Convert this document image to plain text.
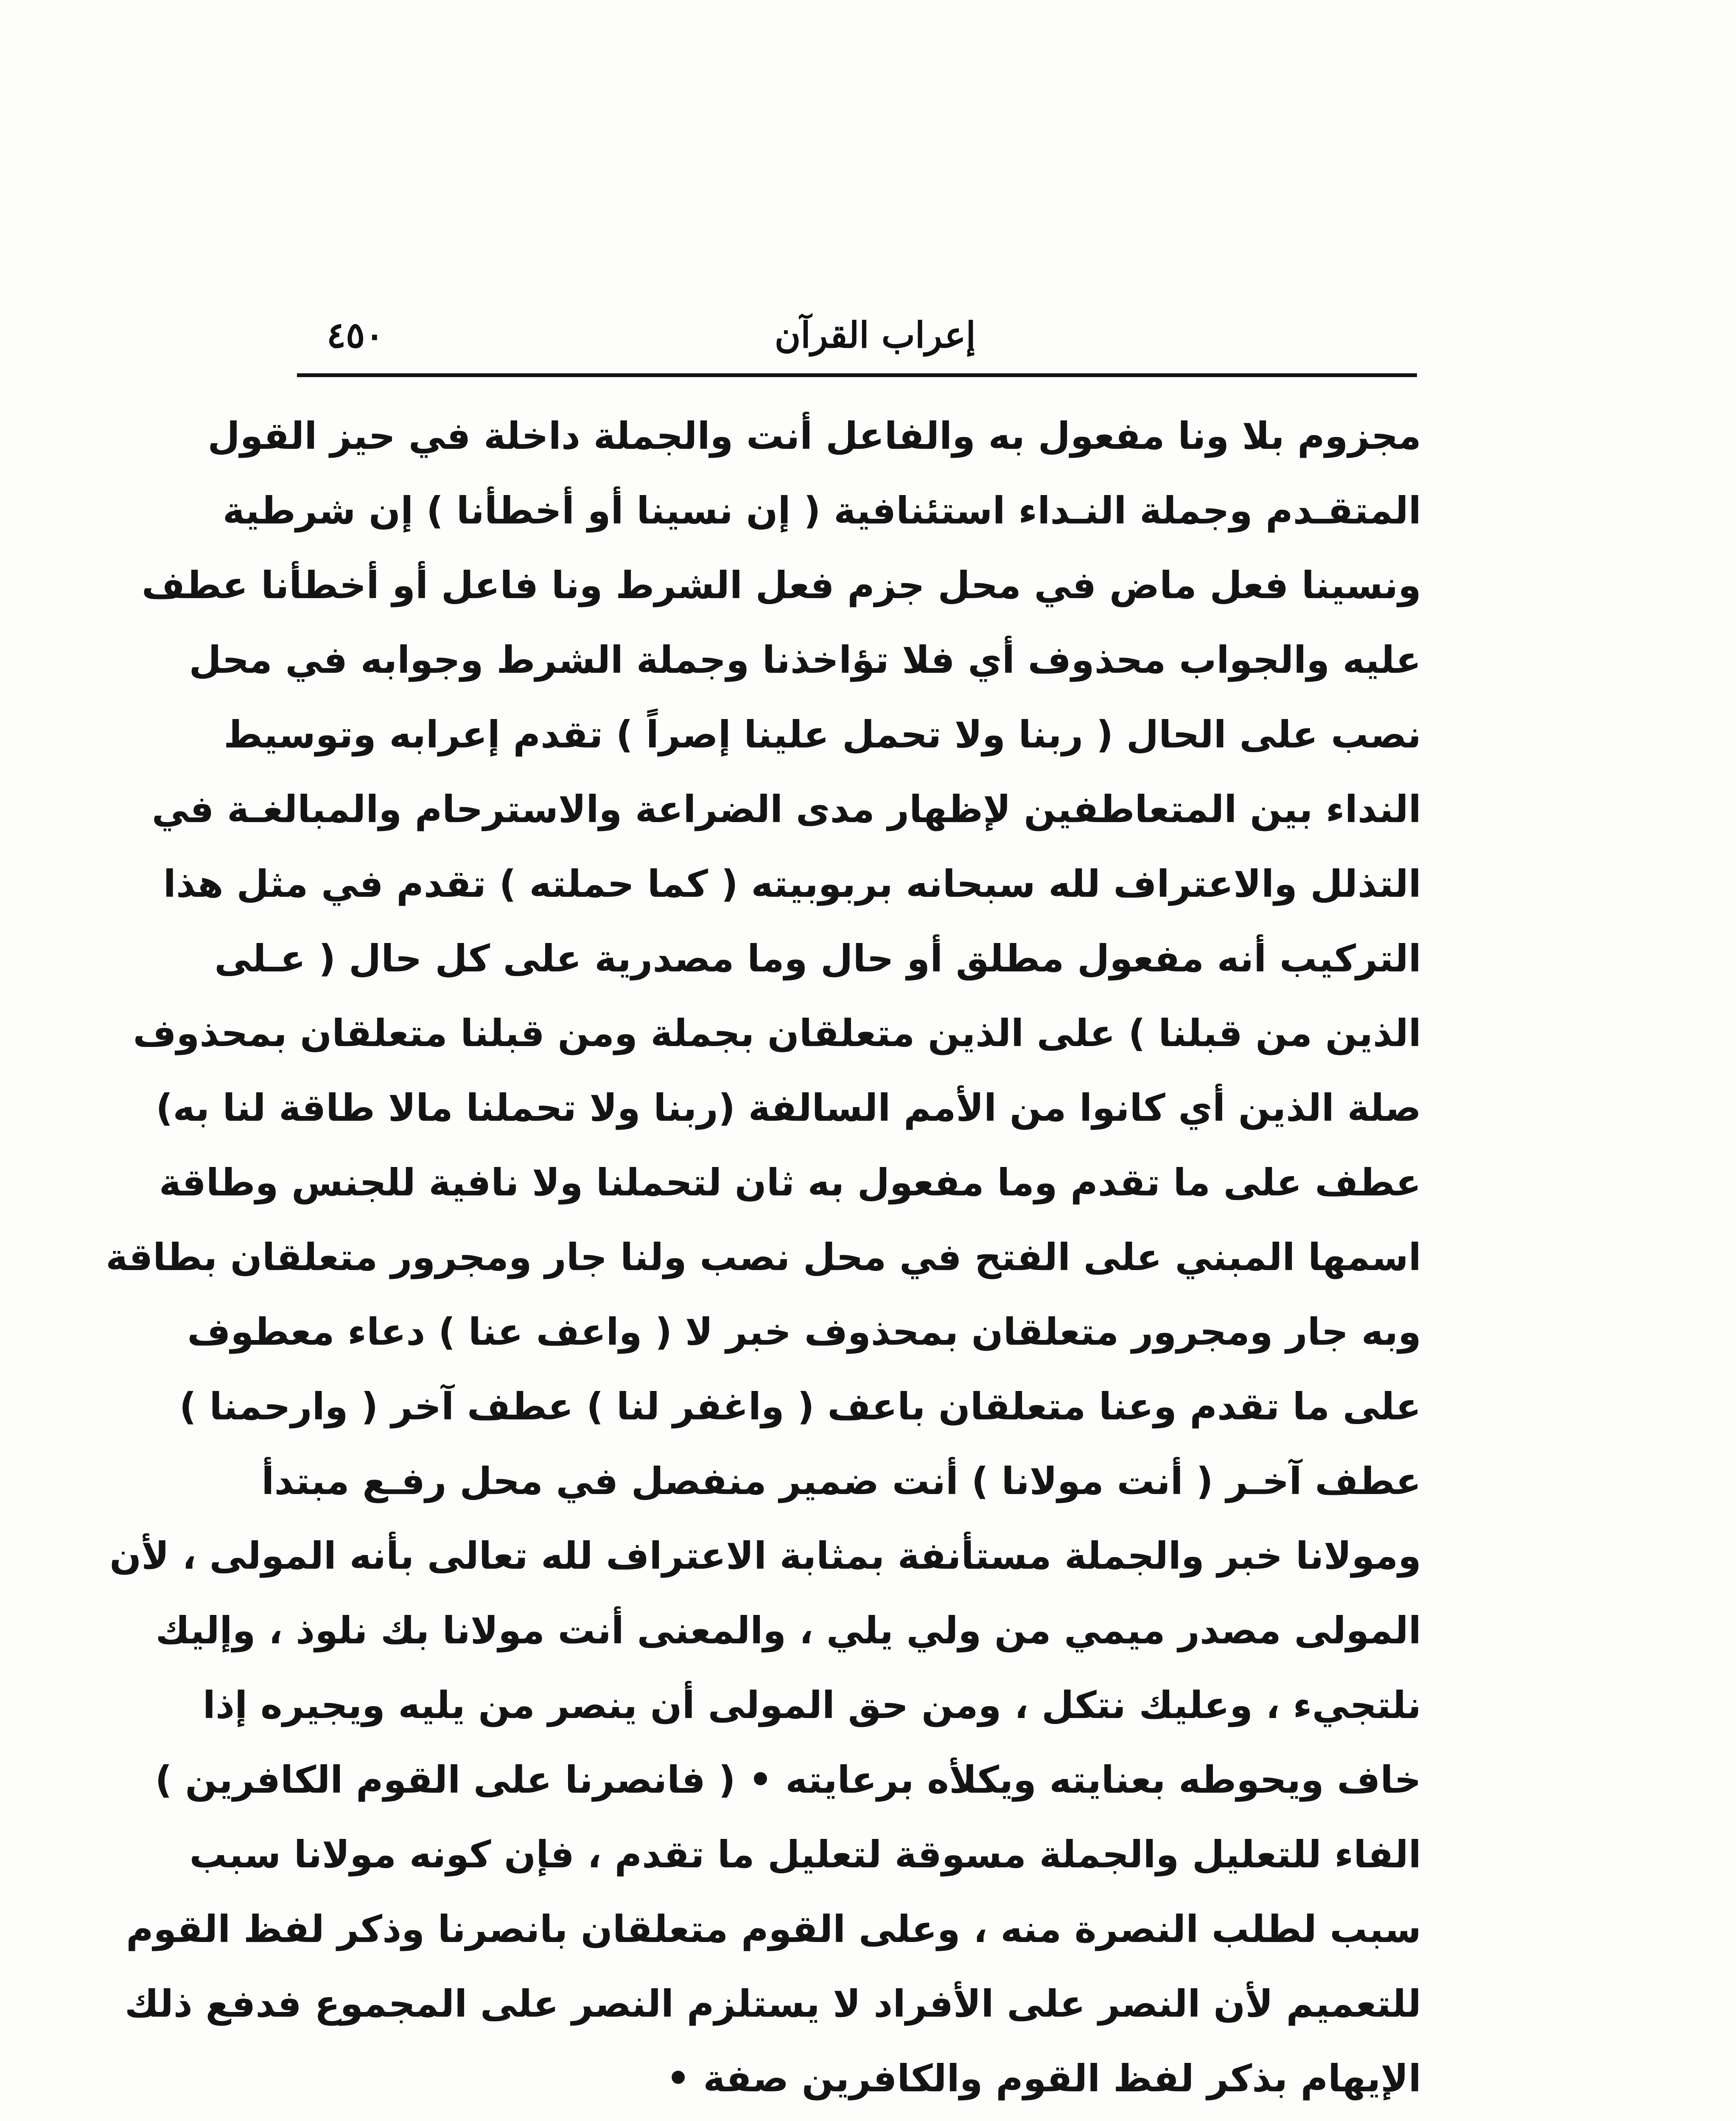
إعراب القرآن
٤٥٠
مجزوم بلا ونا مفعول به والفاعل أنت والجملة داخلة في حيز القول
المتقـدم وجملة النـداء استئنافية ( إن نسينا أو أخطأنا ) إن شرطية
ونسينا فعل ماض في محل جزم فعل الشرط ونا فاعل أو أخطأنا عطف
عليه والجواب محذوف أي فلا تؤاخذنا وجملة الشرط وجوابه في محل
نصب على الحال ( ربنا ولا تحمل علينا إصراً ) تقدم إعرابه وتوسيط
النداء بين المتعاطفين لإظهار مدى الضراعة والاسترحام والمبالغـة في
التذلل والاعتراف لله سبحانه بربوبيته ( كما حملته ) تقدم في مثل هذا
التركيب أنه مفعول مطلق أو حال وما مصدرية على كل حال ( عـلى
الذين من قبلنا ) على الذين متعلقان بجملة ومن قبلنا متعلقان بمحذوف
صلة الذين أي كانوا من الأمم السالفة (ربنا ولا تحملنا مالا طاقة لنا به)
عطف على ما تقدم وما مفعول به ثان لتحملنا ولا نافية للجنس وطاقة
اسمها المبني على الفتح في محل نصب ولنا جار ومجرور متعلقان بطاقة
وبه جار ومجرور متعلقان بمحذوف خبر لا ( واعف عنا ) دعاء معطوف
على ما تقدم وعنا متعلقان باعف ( واغفر لنا ) عطف آخر ( وارحمنا )
عطف آخـر ( أنت مولانا ) أنت ضمير منفصل في محل رفـع مبتدأ
ومولانا خبر والجملة مستأنفة بمثابة الاعتراف لله تعالى بأنه المولى ، لأن
المولى مصدر ميمي من ولي يلي ، والمعنى أنت مولانا بك نلوذ ، وإليك
نلتجيء ، وعليك نتكل ، ومن حق المولى أن ينصر من يليه ويجيره إذا
خاف ويحوطه بعنايته ويكلأه برعايته • ( فانصرنا على القوم الكافرين )
الفاء للتعليل والجملة مسوقة لتعليل ما تقدم ، فإن كونه مولانا سبب
سبب لطلب النصرة منه ، وعلى القوم متعلقان بانصرنا وذكر لفظ القوم
للتعميم لأن النصر على الأفراد لا يستلزم النصر على المجموع فدفع ذلك
الإيهام بذكر لفظ القوم والكافرين صفة •
